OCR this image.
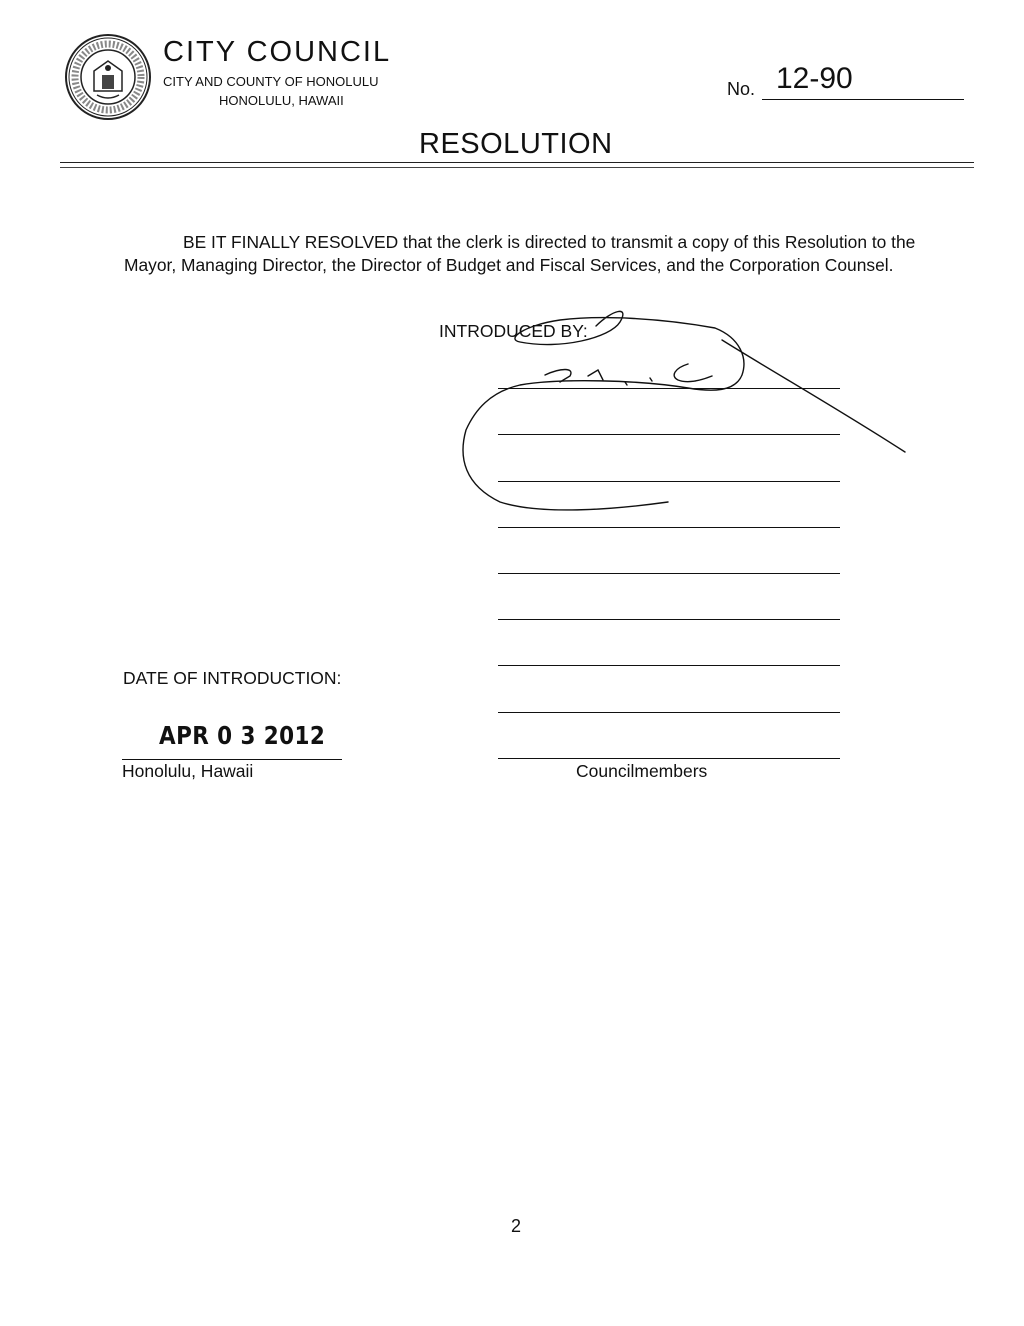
CITY COUNCIL
CITY AND COUNTY OF HONOLULU
HONOLULU, HAWAII
No. 12-90
RESOLUTION

BE IT FINALLY RESOLVED that the clerk is directed to transmit a copy of this Resolution to the Mayor, Managing Director, the Director of Budget and Fiscal Services, and the Corporation Counsel.

INTRODUCED BY:
Councilmembers
DATE OF INTRODUCTION:
APR 0 3 2012
Honolulu, Hawaii
2
